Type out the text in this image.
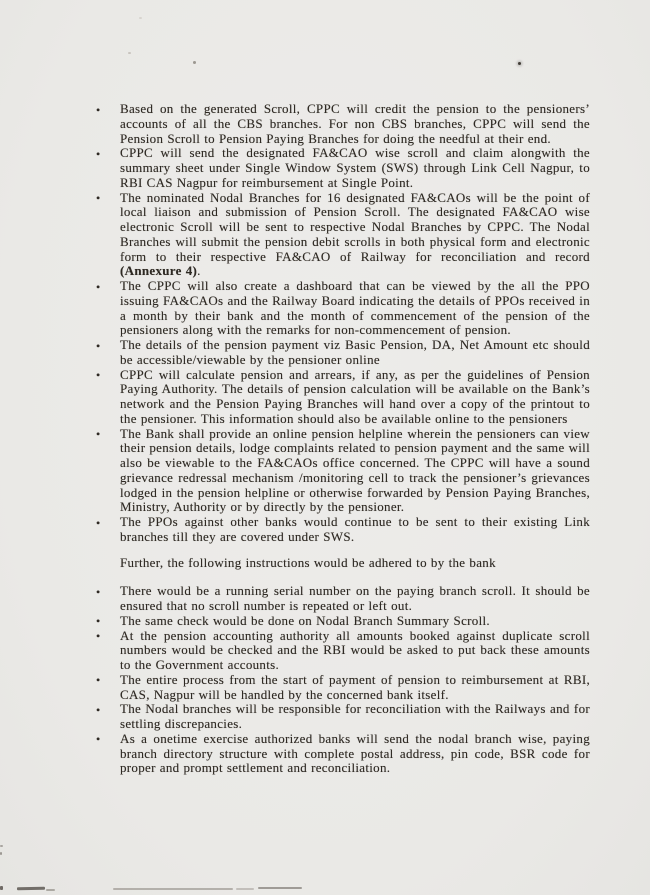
• Based on the generated Scroll, CPPC will credit the pension to the pensioners’ accounts of all the CBS branches. For non CBS branches, CPPC will send the Pension Scroll to Pension Paying Branches for doing the needful at their end.
• CPPC will send the designated FA&CAO wise scroll and claim alongwith the summary sheet under Single Window System (SWS) through Link Cell Nagpur, to RBI CAS Nagpur for reimbursement at Single Point.
• The nominated Nodal Branches for 16 designated FA&CAOs will be the point of local liaison and submission of Pension Scroll. The designated FA&CAO wise electronic Scroll will be sent to respective Nodal Branches by CPPC. The Nodal Branches will submit the pension debit scrolls in both physical form and electronic form to their respective FA&CAO of Railway for reconciliation and record (Annexure 4).
• The CPPC will also create a dashboard that can be viewed by the all the PPO issuing FA&CAOs and the Railway Board indicating the details of PPOs received in a month by their bank and the month of commencement of the pension of the pensioners along with the remarks for non-commencement of pension.
• The details of the pension payment viz Basic Pension, DA, Net Amount etc should be accessible/viewable by the pensioner online
• CPPC will calculate pension and arrears, if any, as per the guidelines of Pension Paying Authority. The details of pension calculation will be available on the Bank’s network and the Pension Paying Branches will hand over a copy of the printout to the pensioner. This information should also be available online to the pensioners
• The Bank shall provide an online pension helpline wherein the pensioners can view their pension details, lodge complaints related to pension payment and the same will also be viewable to the FA&CAOs office concerned. The CPPC will have a sound grievance redressal mechanism /monitoring cell to track the pensioner’s grievances lodged in the pension helpline or otherwise forwarded by Pension Paying Branches, Ministry, Authority or by directly by the pensioner.
• The PPOs against other banks would continue to be sent to their existing Link branches till they are covered under SWS.

Further, the following instructions would be adhered to by the bank

• There would be a running serial number on the paying branch scroll. It should be ensured that no scroll number is repeated or left out.
• The same check would be done on Nodal Branch Summary Scroll.
• At the pension accounting authority all amounts booked against duplicate scroll numbers would be checked and the RBI would be asked to put back these amounts to the Government accounts.
• The entire process from the start of payment of pension to reimbursement at RBI, CAS, Nagpur will be handled by the concerned bank itself.
• The Nodal branches will be responsible for reconciliation with the Railways and for settling discrepancies.
• As a onetime exercise authorized banks will send the nodal branch wise, paying branch directory structure with complete postal address, pin code, BSR code for proper and prompt settlement and reconciliation.
